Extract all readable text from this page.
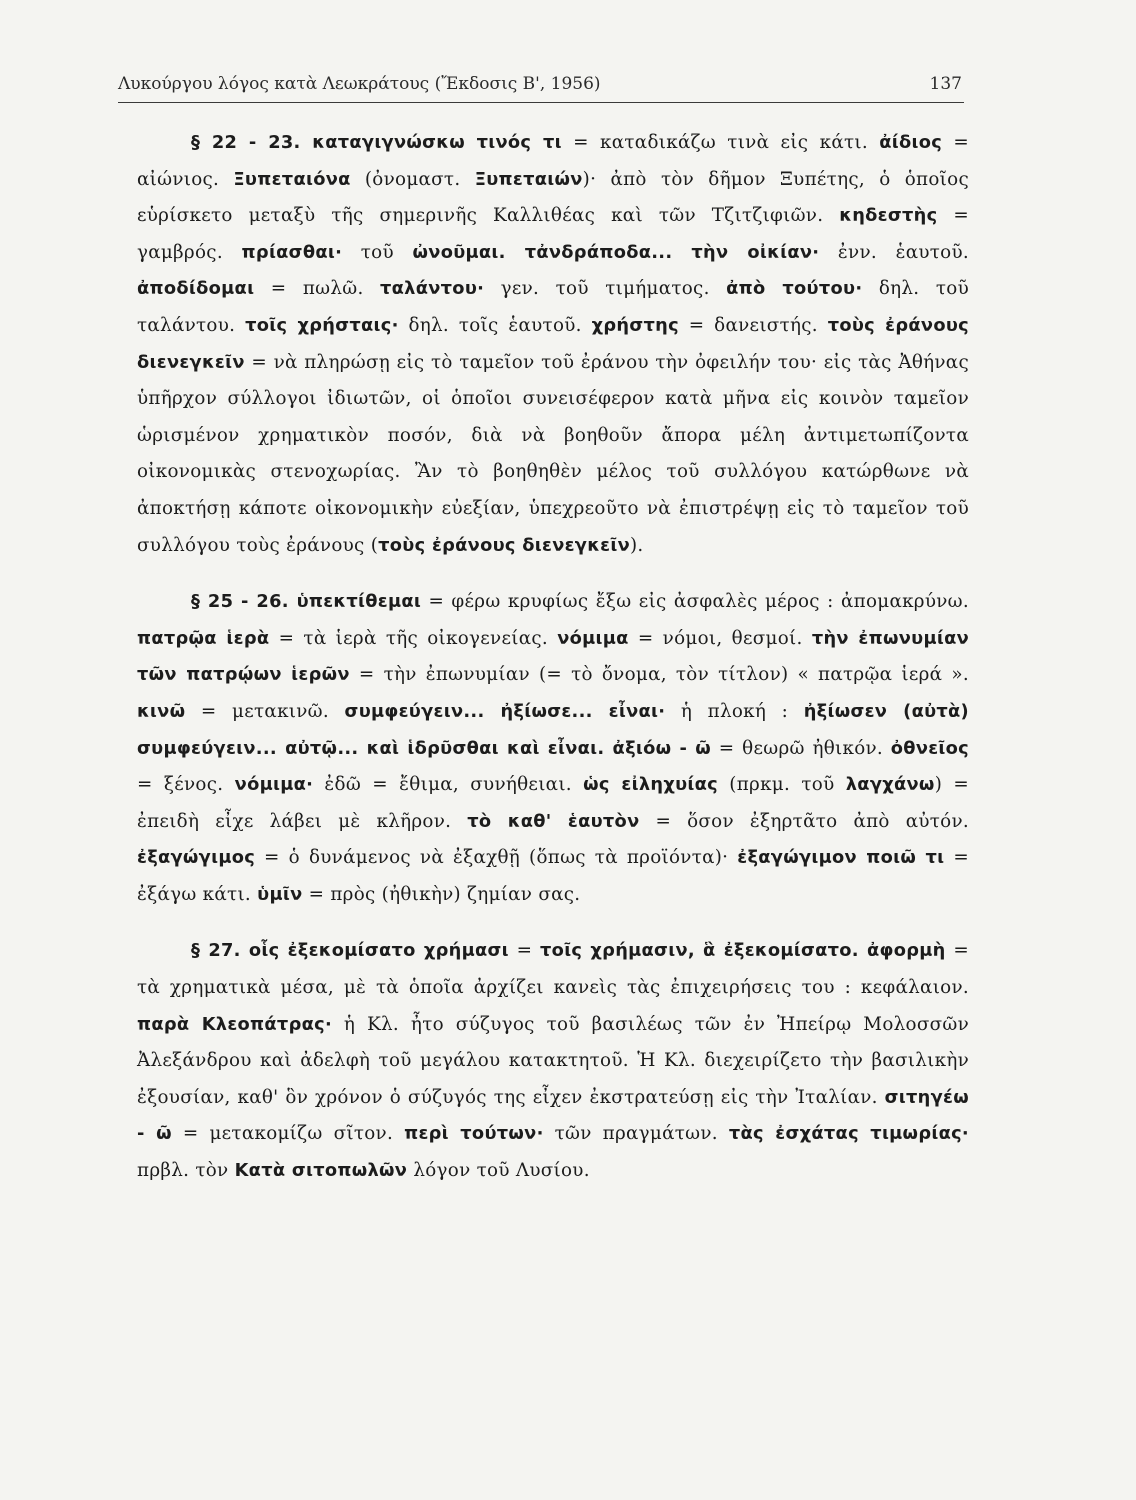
Λυκούργου λόγος κατὰ Λεωκράτους (Ἔκδοσις Β', 1956)	137

§ 22 - 23. καταγιγνώσκω τινός τι = καταδικάζω τινὰ εἰς κάτι. ἀίδιος = αἰώνιος. Ξυπεταιόνα (ὀνομαστ. Ξυπεταιών)· ἀπὸ τὸν δῆμον Ξυπέτης, ὁ ὁποῖος εὑρίσκετο μεταξὺ τῆς σημερινῆς Καλλιθέας καὶ τῶν Τζιτζιφιῶν. κηδεστὴς = γαμβρός. πρίασθαι· τοῦ ὠνοῦμαι. τἀνδράποδα... τὴν οἰκίαν· ἐνν. ἑαυτοῦ. ἀποδίδομαι = πωλῶ. ταλάντου· γεν. τοῦ τιμήματος. ἀπὸ τούτου· δηλ. τοῦ ταλάντου. τοῖς χρήσταις· δηλ. τοῖς ἑαυτοῦ. χρήστης = δανειστής. τοὺς ἐράνους διενεγκεῖν = νὰ πληρώσῃ εἰς τὸ ταμεῖον τοῦ ἐράνου τὴν ὀφειλήν του· εἰς τὰς Ἀθήνας ὑπῆρχον σύλλογοι ἰδιωτῶν, οἱ ὁποῖοι συνεισέφερον κατὰ μῆνα εἰς κοινὸν ταμεῖον ὡρισμένον χρηματικὸν ποσόν, διὰ νὰ βοηθοῦν ἄπορα μέλη ἀντιμετωπίζοντα οἰκονομικὰς στενοχωρίας. Ἂν τὸ βοηθηθὲν μέλος τοῦ συλλόγου κατώρθωνε νὰ ἀποκτήσῃ κάποτε οἰκονομικὴν εὐεξίαν, ὑπεχρεοῦτο νὰ ἐπιστρέψῃ εἰς τὸ ταμεῖον τοῦ συλλόγου τοὺς ἐράνους (τοὺς ἐράνους διενεγκεῖν).

§ 25 - 26. ὑπεκτίθεμαι = φέρω κρυφίως ἔξω εἰς ἀσφαλὲς μέρος : ἀπομακρύνω. πατρῷα ἱερὰ = τὰ ἱερὰ τῆς οἰκογενείας. νόμιμα = νόμοι, θεσμοί. τὴν ἐπωνυμίαν τῶν πατρῴων ἱερῶν = τὴν ἐπωνυμίαν (= τὸ ὄνομα, τὸν τίτλον) « πατρῷα ἱερά ». κινῶ = μετακινῶ. συμφεύγειν... ἠξίωσε... εἶναι· ἡ πλοκή : ἠξίωσεν (αὐτὰ) συμφεύγειν... αὐτῷ... καὶ ἱδρῦσθαι καὶ εἶναι. ἀξιόω - ῶ = θεωρῶ ἠθικόν. ὀθνεῖος = ξένος. νόμιμα· ἐδῶ = ἔθιμα, συνήθειαι. ὡς εἰληχυίας (πρκμ. τοῦ λαγχάνω) = ἐπειδὴ εἶχε λάβει μὲ κλῆρον. τὸ καθ' ἑαυτὸν = ὅσον ἐξηρτᾶτο ἀπὸ αὐτόν. ἐξαγώγιμος = ὁ δυνάμενος νὰ ἐξαχθῇ (ὅπως τὰ προϊόντα)· ἐξαγώγιμον ποιῶ τι = ἐξάγω κάτι. ὑμῖν = πρὸς (ἠθικὴν) ζημίαν σας.

§ 27. οἷς ἐξεκομίσατο χρήμασι = τοῖς χρήμασιν, ἃ ἐξεκομίσατο. ἀφορμὴ = τὰ χρηματικὰ μέσα, μὲ τὰ ὁποῖα ἀρχίζει κανεὶς τὰς ἐπιχειρήσεις του : κεφάλαιον. παρὰ Κλεοπάτρας· ἡ Κλ. ἦτο σύζυγος τοῦ βασιλέως τῶν ἐν Ἠπείρῳ Μολοσσῶν Ἀλεξάνδρου καὶ ἀδελφὴ τοῦ μεγάλου κατακτητοῦ. Ἡ Κλ. διεχειρίζετο τὴν βασιλικὴν ἐξουσίαν, καθ' ὃν χρόνον ὁ σύζυγός της εἶχεν ἐκστρατεύσῃ εἰς τὴν Ἰταλίαν. σιτηγέω - ῶ = μετακομίζω σῖτον. περὶ τούτων· τῶν πραγμάτων. τὰς ἐσχάτας τιμωρίας· πρβλ. τὸν Κατὰ σιτοπωλῶν λόγον τοῦ Λυσίου.
